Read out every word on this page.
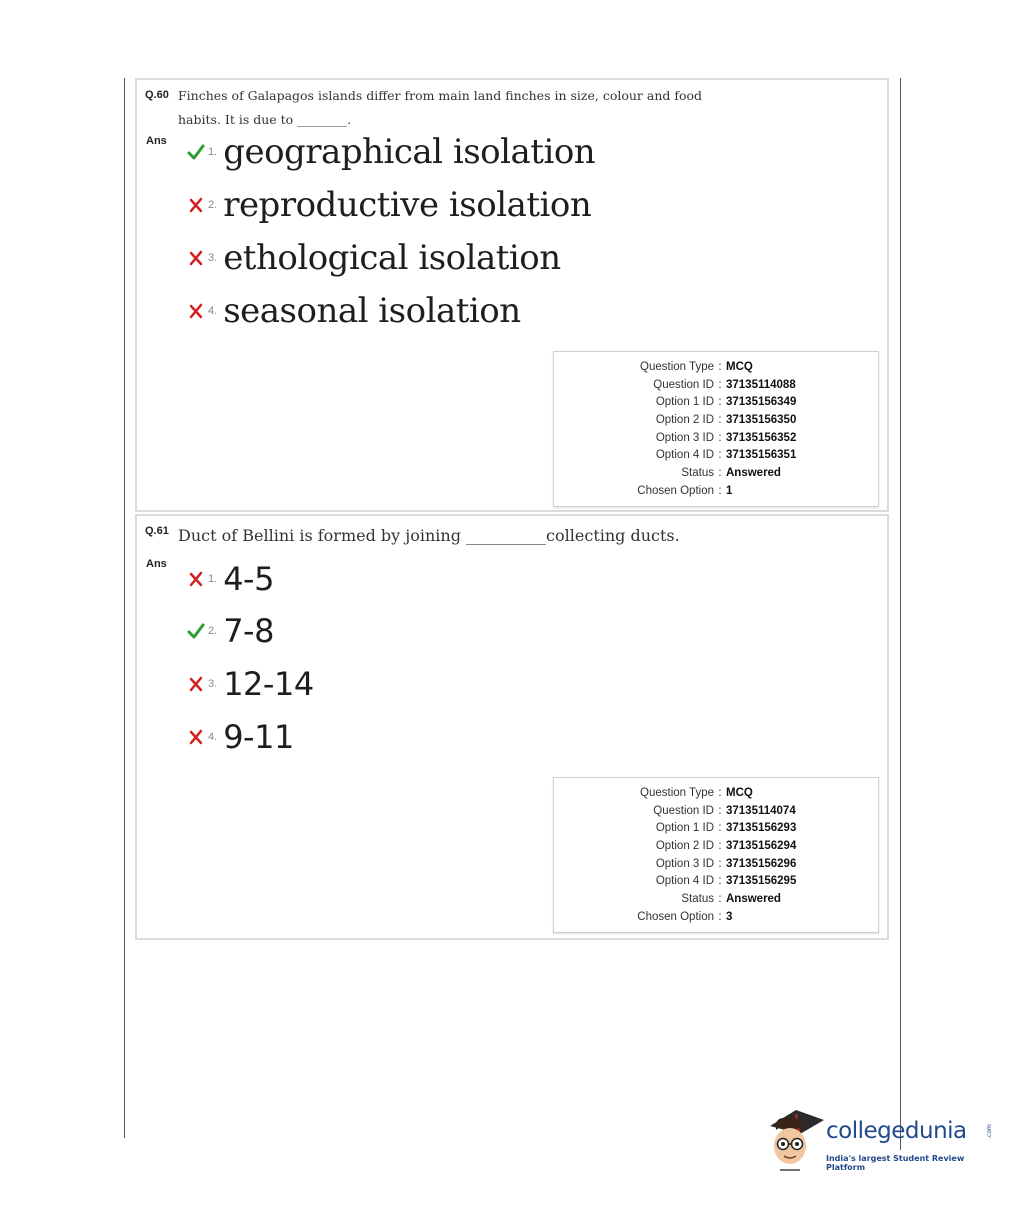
Q.60 Finches of Galapagos islands differ from main land finches in size, colour and food
habits. It is due to ________.
Ans
1. geographical isolation
2. reproductive isolation
3. ethological isolation
4. seasonal isolation
Question Type : MCQ
Question ID : 37135114088
Option 1 ID : 37135156349
Option 2 ID : 37135156350
Option 3 ID : 37135156352
Option 4 ID : 37135156351
Status : Answered
Chosen Option : 1
Q.61 Duct of Bellini is formed by joining __________collecting ducts.
Ans
1. 4-5
2. 7-8
3. 12-14
4. 9-11
Question Type : MCQ
Question ID : 37135114074
Option 1 ID : 37135156293
Option 2 ID : 37135156294
Option 3 ID : 37135156296
Option 4 ID : 37135156295
Status : Answered
Chosen Option : 3
collegedunia	.com
India's largest Student Review Platform
